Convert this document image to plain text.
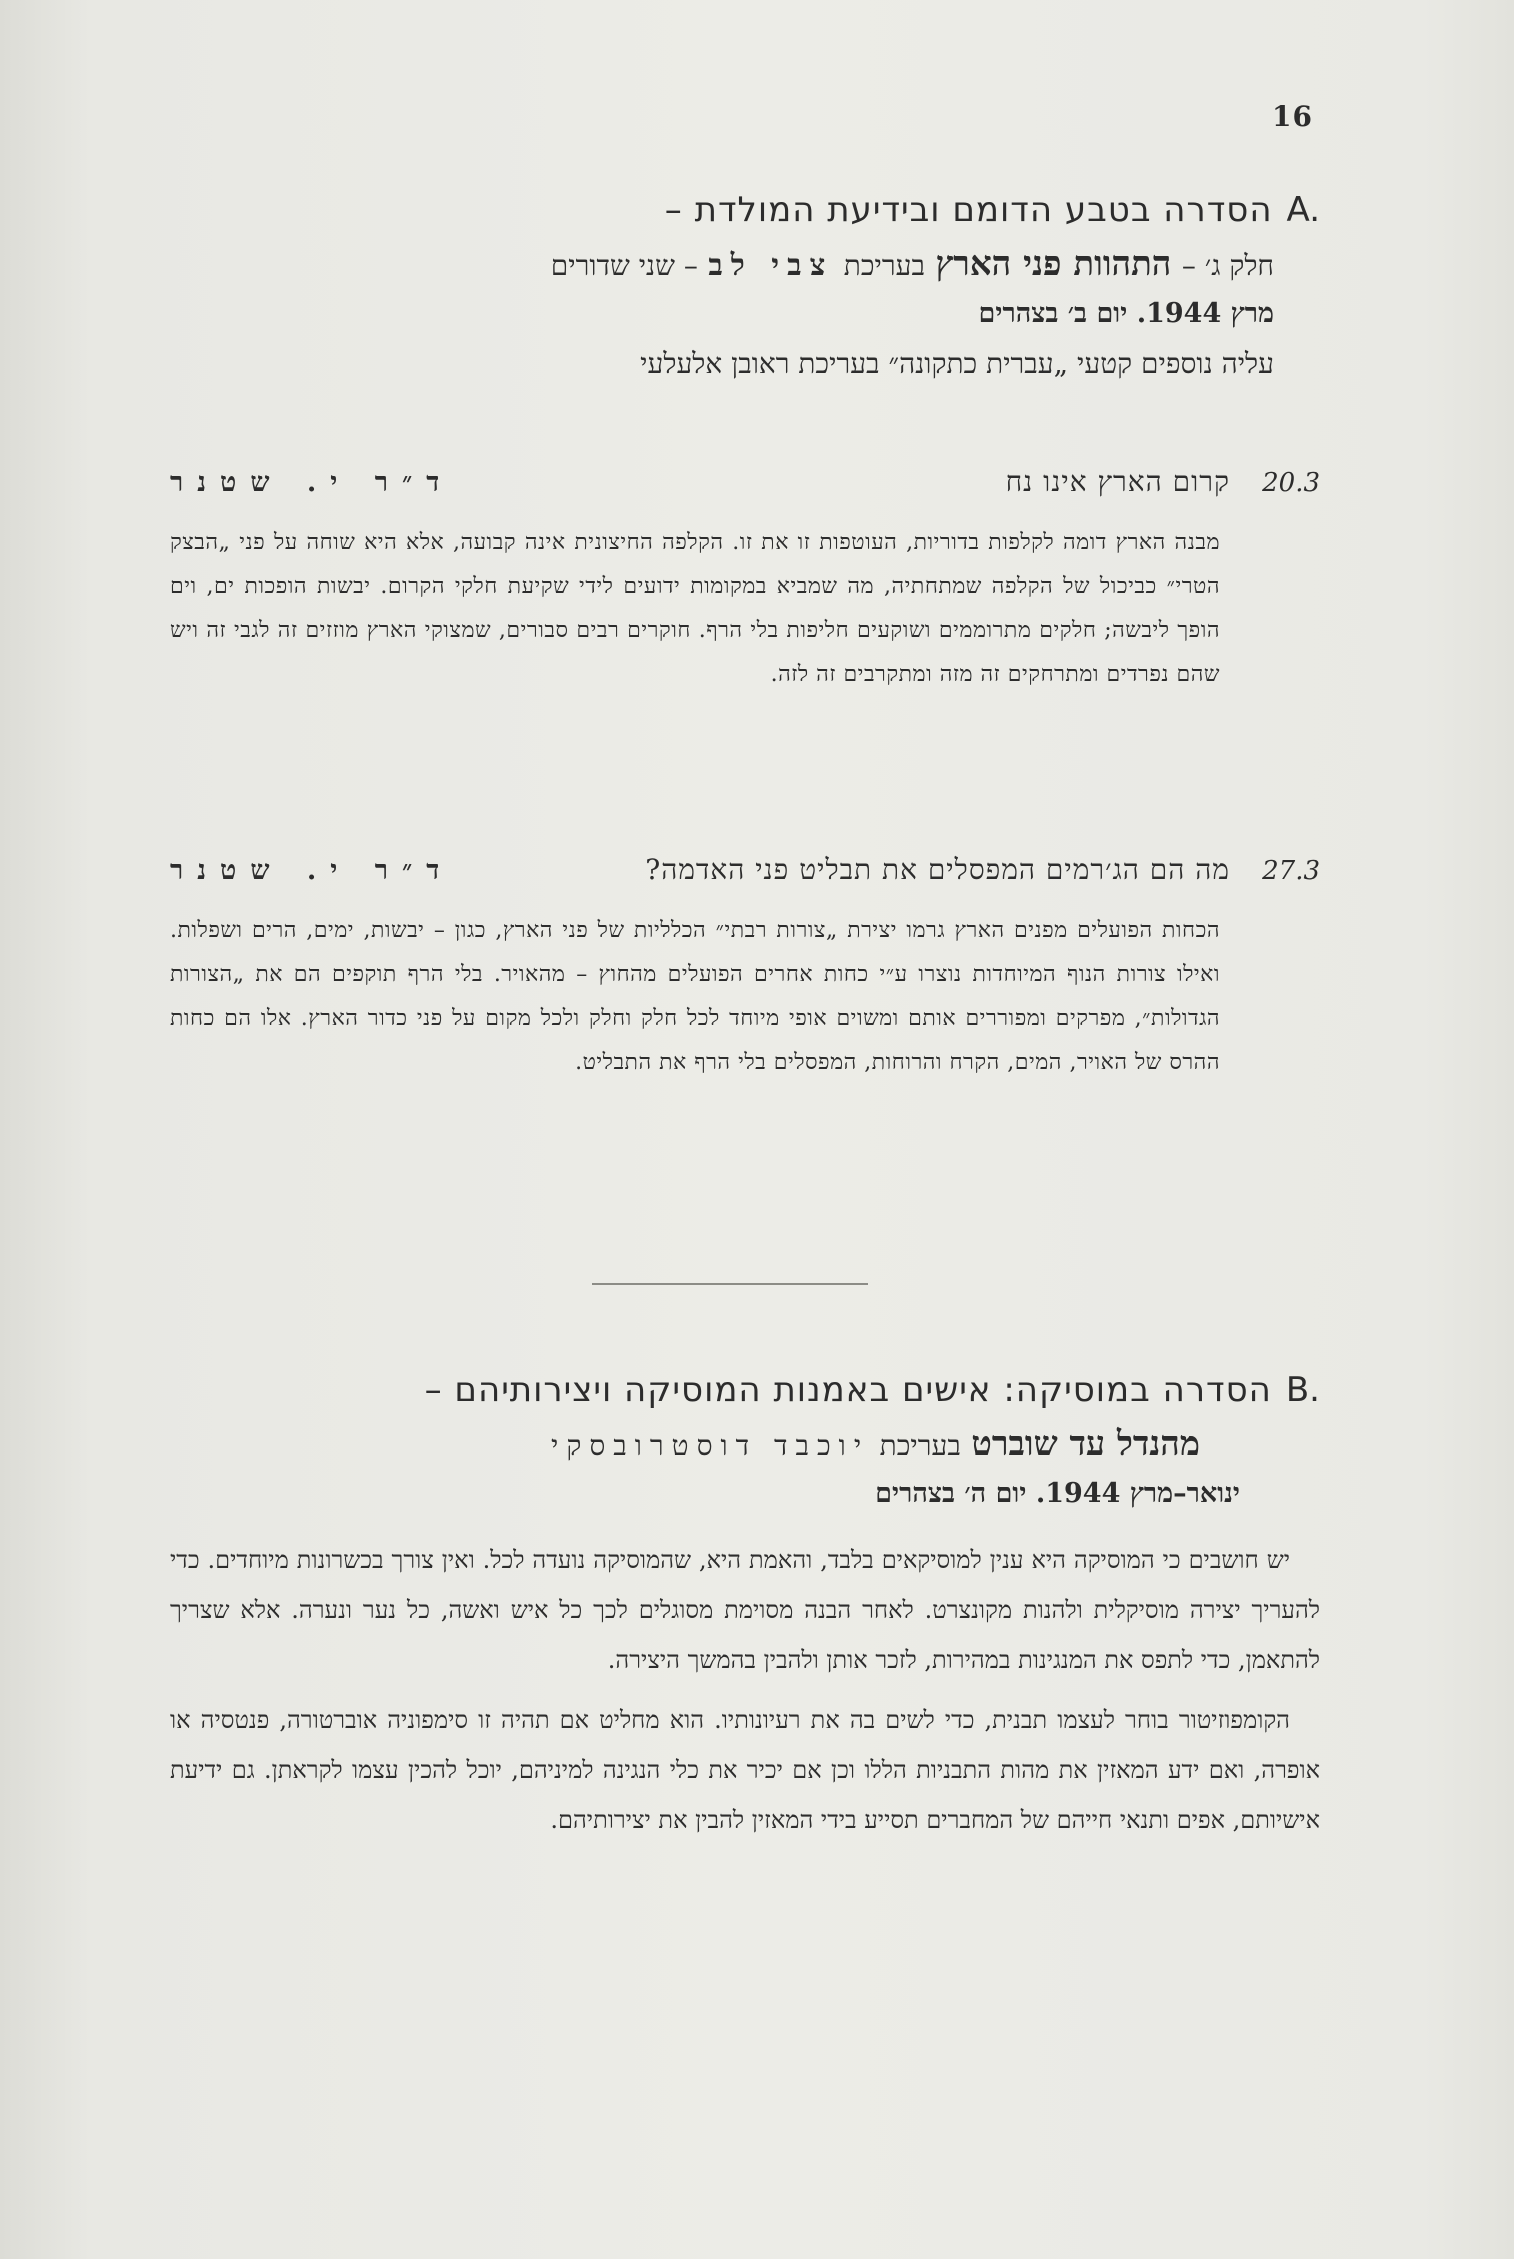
16
A.
הסדרה בטבע הדומם ובידיעת המולדת –
חלק ג׳ – התהוות פני הארץ בעריכת צבי לב – שני שדורים
מרץ 1944. יום ב׳ בצהרים
עליה נוספים קטעי „עברית כתקונה״ בעריכת ראובן אלעלעי
20.3
קרום הארץ אינו נח
ד״ר י. שטנר
מבנה הארץ דומה לקלפות בדוריות, העוטפות זו את זו. הקלפה החיצונית אינה קבועה, אלא היא שוחה על פני „הבצק הטרי״ כביכול של הקלפה שמתחתיה, מה שמביא במקומות ידועים לידי שקיעת חלקי הקרום. יבשות הופכות ים, וים הופך ליבשה; חלקים מתרוממים ושוקעים חליפות בלי הרף. חוקרים רבים סבורים, שמצוקי הארץ מוזזים זה לגבי זה ויש שהם נפרדים ומתרחקים זה מזה ומתקרבים זה לזה.
27.3
מה הם הג׳רמים המפסלים את תבליט פני האדמה?
ד״ר י. שטנר
הכחות הפועלים מפנים הארץ גרמו יצירת „צורות רבתי״ הכלליות של פני הארץ, כגון – יבשות, ימים, הרים ושפלות. ואילו צורות הנוף המיוחדות נוצרו ע״י כחות אחרים הפועלים מהחוץ – מהאויר. בלי הרף תוקפים הם את „הצורות הגדולות״, מפרקים ומפוררים אותם ומשוים אופי מיוחד לכל חלק וחלק ולכל מקום על פני כדור הארץ. אלו הם כחות ההרס של האויר, המים, הקרח והרוחות, המפסלים בלי הרף את התבליט.
B.
הסדרה במוסיקה: אישים באמנות המוסיקה ויצירותיהם –
מהנדל עד שוברט בעריכת יוכבד דוסטרובסקי
ינואר–מרץ 1944. יום ה׳ בצהרים

יש חושבים כי המוסיקה היא ענין למוסיקאים בלבד, והאמת היא, שהמוסיקה נועדה לכל. ואין צורך בכשרונות מיוחדים. כדי להעריך יצירה מוסיקלית ולהנות מקונצרט. לאחר הבנה מסוימת מסוגלים לכך כל איש ואשה, כל נער ונערה. אלא שצריך להתאמן, כדי לתפס את המנגינות במהירות, לזכר אותן ולהבין בהמשך היצירה.

הקומפוזיטור בוחר לעצמו תבנית, כדי לשים בה את רעיונותיו. הוא מחליט אם תהיה זו סימפוניה אוברטורה, פנטסיה או אופרה, ואם ידע המאזין את מהות התבניות הללו וכן אם יכיר את כלי הנגינה למיניהם, יוכל להכין עצמו לקראתן. גם ידיעת אישיותם, אפים ותנאי חייהם של המחברים תסייע בידי המאזין להבין את יצירותיהם.
